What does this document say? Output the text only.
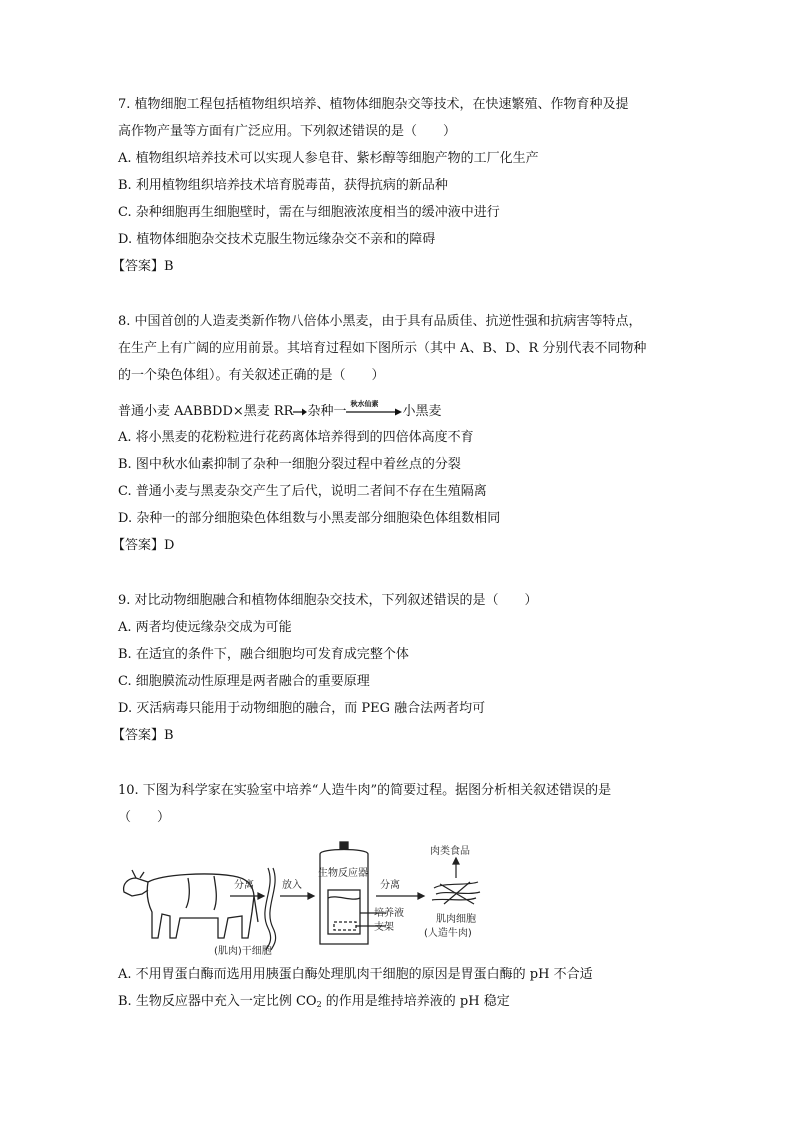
7. 植物细胞工程包括植物组织培养、植物体细胞杂交等技术，在快速繁殖、作物育种及提
高作物产量等方面有广泛应用。下列叙述错误的是（　　）
A. 植物组织培养技术可以实现人参皂苷、紫杉醇等细胞产物的工厂化生产
B. 利用植物组织培养技术培育脱毒苗，获得抗病的新品种
C. 杂种细胞再生细胞壁时，需在与细胞液浓度相当的缓冲液中进行
D. 植物体细胞杂交技术克服生物远缘杂交不亲和的障碍
【答案】B
8. 中国首创的人造麦类新作物八倍体小黑麦，由于具有品质佳、抗逆性强和抗病害等特点，
在生产上有广阔的应用前景。其培育过程如下图所示（其中 A、B、D、R 分别代表不同物种
的一个染色体组）。有关叙述正确的是（　　）
普通小麦 AABBDD×黑麦 RR 杂种一
秋水仙素
小黑麦
A. 将小黑麦的花粉粒进行花药离体培养得到的四倍体高度不育
B. 图中秋水仙素抑制了杂种一细胞分裂过程中着丝点的分裂
C. 普通小麦与黑麦杂交产生了后代，说明二者间不存在生殖隔离
D. 杂种一的部分细胞染色体组数与小黑麦部分细胞染色体组数相同
【答案】D
9. 对比动物细胞融合和植物体细胞杂交技术，下列叙述错误的是（　　）
A. 两者均使远缘杂交成为可能
B. 在适宜的条件下，融合细胞均可发育成完整个体
C. 细胞膜流动性原理是两者融合的重要原理
D. 灭活病毒只能用于动物细胞的融合，而 PEG 融合法两者均可
【答案】B
10. 下图为科学家在实验室中培养“人造牛肉”的简要过程。据图分析相关叙述错误的是
（　　）
分离	放入
生物反应器
分离
肉类食品
培养液
支架
(肌肉)干细胞
肌肉细胞
(人造牛肉)
A. 不用胃蛋白酶而选用用胰蛋白酶处理肌肉干细胞的原因是胃蛋白酶的 pH 不合适
B. 生物反应器中充入一定比例 $CO_2$ 的作用是维持培养液的 pH 稳定
